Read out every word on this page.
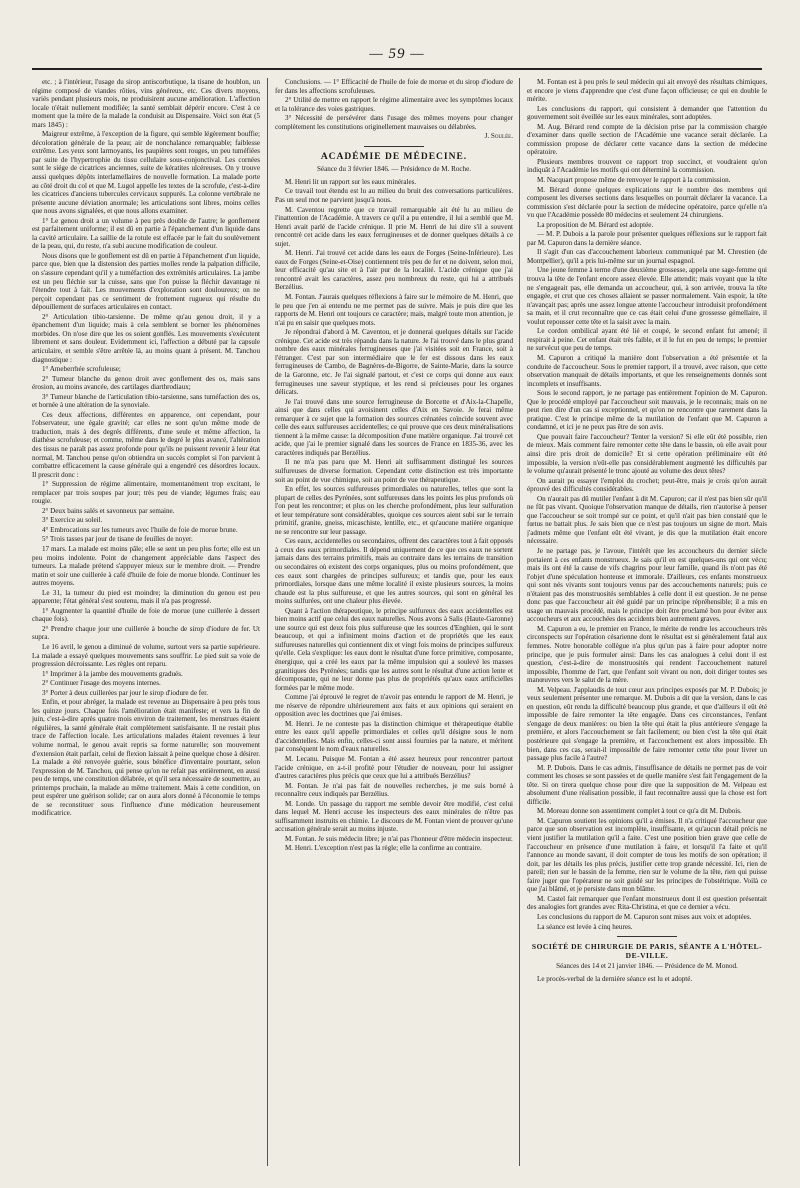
— 59 —

etc. ; à l'intérieur, l'usage du sirop antiscorbutique, la tisane de houblon, un régime composé de viandes rôties, vins généreux, etc. Ces divers moyens, variés pendant plusieurs mois, ne produisirent aucune amélioration. L'affection locale n'était nullement modifiée; la santé semblait dépérir encore. C'est à ce moment que la mère de la malade la conduisit au Dispensaire. Voici son état (5 mars 1845) :

Maigreur extrême, à l'exception de la figure, qui semble légèrement bouffie; décoloration générale de la peau; air de nonchalance remarquable; faiblesse extrême. Les yeux sont larmoyants, les paupières sont rouges, un peu tuméfiées par suite de l'hypertrophie du tissu cellulaire sous-conjonctival. Les cornées sont le siége de cicatrices anciennes, suite de kératites ulcéreuses. On y trouve aussi quelques dépôts interlamellaires de nouvelle formation. La malade porte au côté droit du col et que M. Lugol appelle les textes de la scrofule, c'est-à-dire les cicatrices d'anciens tubercules cervicaux suppurés. La colonne vertébrale ne présente aucune déviation anormale; les articulations sont libres, moins celles que nous avons signalées, et que nous allons examiner.

1° Le genou droit a un volume à peu près double de l'autre; le gonflement est parfaitement uniforme; il est dû en partie à l'épanchement d'un liquide dans la cavité articulaire. La saillie de la rotule est effacée par le fait du soulèvement de la peau, qui, du reste, n'a subi aucune modification de couleur.

Nous disons que le gonflement est dû en partie à l'épanchement d'un liquide, parce que, bien que la distension des parties molles rende la palpation difficile, on s'assure cependant qu'il y a tuméfaction des extrémités articulaires. La jambe est un peu fléchie sur la cuisse, sans que l'on puisse la fléchir davantage ni l'étendre tout à fait. Les mouvements d'exploration sont douloureux; on ne perçoit cependant pas ce sentiment de frottement rugueux qui résulte du dépouillement de surfaces articulaires en contact.

2° Articulation tibio-tarsienne. De même qu'au genou droit, il y a épanchement d'un liquide; mais à cela semblent se borner les phénomènes morbides. On n'ose dire que les os soient gonflés. Les mouvements s'exécutent librement et sans douleur. Evidemment ici, l'affection a débuté par la capsule articulaire, et semble s'être arrêtée là, au moins quant à présent. M. Tanchou diagnostique :

1° Ameberrhée scrofuleuse;

2° Tumeur blanche du genou droit avec gonflement des os, mais sans érosion, au moins avancée, des cartilages diarthrodiaux;

3° Tumeur blanche de l'articulation tibio-tarsienne, sans tuméfaction des os, et bornée à une altération de la synoviale.

Ces deux affections, différentes en apparence, ont cependant, pour l'observateur, une égale gravité; car elles ne sont qu'un même mode de traduction, mais à des degrés différents, d'une seule et même affection, la diathèse scrofuleuse; et comme, même dans le degré le plus avancé, l'altération des tissus ne paraît pas assez profonde pour qu'ils ne puissent revenir à leur état normal, M. Tanchou pense qu'on obtiendra un succès complet si l'on parvient à combattre efficacement la cause générale qui a engendré ces désordres locaux. Il prescrit donc :

1° Suppression de régime alimentaire, momentanément trop excitant, le remplacer par trois soupes par jour; très peu de viande; légumes frais; eau rougie.

2° Deux bains salés et savonneux par semaine.

3° Exercice au soleil.

4° Embrocations sur les tumeurs avec l'huile de foie de morue brune.

5° Trois tasses par jour de tisane de feuilles de noyer.

17 mars. La malade est moins pâle; elle se sent un peu plus forte; elle est un peu moins indolente. Point de changement appréciable dans l'aspect des tumeurs. La malade prétend s'appuyer mieux sur le membre droit. — Prendre matin et soir une cuillerée à café d'huile de foie de morue blonde. Continuer les autres moyens.

Le 31, la tumeur du pied est moindre; la diminution du genou est peu apparente; l'état général s'est soutenu, mais il n'a pas progressé.

1° Augmenter la quantité d'huile de foie de morue (une cuillerée à dessert chaque fois).

2° Prendre chaque jour une cuillerée à bouche de sirop d'iodure de fer. Ut supra.

Le 16 avril, le genou a diminué de volume, surtout vers sa partie supérieure. La malade a essayé quelques mouvements sans souffrir. Le pied suit sa voie de progression décroissante. Les règles ont reparu.

1° Imprimer à la jambe des mouvements gradués.

2° Continuer l'usage des moyens internes.

3° Porter à deux cuillerées par jour le sirop d'iodure de fer.

Enfin, et pour abréger, la malade est revenue au Dispensaire à peu près tous les quinze jours. Chaque fois l'amélioration était manifeste; et vers la fin de juin, c'est-à-dire après quatre mois environ de traitement, les menstrues étaient régulières, la santé générale était complètement satisfaisante. Il ne restait plus trace de l'affection locale. Les articulations malades étaient revenues à leur volume normal, le genou avait repris sa forme naturelle; son mouvement d'extension était parfait, celui de flexion laissait à peine quelque chose à désirer. La malade a été renvoyée guérie, sous bénéfice d'inventaire pourtant, selon l'expression de M. Tanchou, qui pense qu'on ne refait pas entièrement, en aussi peu de temps, une constitution délabrée, et qu'il sera nécessaire de soumettre, au printemps prochain, la malade au même traitement. Mais à cette condition, on peut espérer une guérison solide; car on aura alors donné à l'économie le temps de se reconstituer sous l'influence d'une médication heureusement modificatrice.

Conclusions. — 1° Efficacité de l'huile de foie de morue et du sirop d'iodure de fer dans les affections scrofuleuses.

2° Utilité de mettre en rapport le régime alimentaire avec les symptômes locaux et la tolérance des voies gastriques.

3° Nécessité de persévérer dans l'usage des mêmes moyens pour changer complètement les constitutions originellement mauvaises ou délabrées.

J. Soulée.

ACADÉMIE DE MÉDECINE.

Séance du 3 février 1846. — Présidence de M. Roche.

M. Henri lit un rapport sur les eaux minérales.

Ce travail tout étendu est lu au milieu du bruit des conversations particulières. Pas un seul mot ne parvient jusqu'à nous.

M. Caventou regrette que ce travail remarquable ait été lu au milieu de l'inattention de l'Académie. A travers ce qu'il a pu entendre, il lui a semblé que M. Henri avait parlé de l'acide crénique. Il prie M. Henri de lui dire s'il a souvent rencontré cet acide dans les eaux ferrugineuses et de donner quelques détails à ce sujet.

M. Henri. J'ai trouvé cet acide dans les eaux de Forges (Seine-Inférieure). Les eaux de Forges (Seine-et-Oise) contiennent très peu de fer et ne doivent, selon moi, leur efficacité qu'au site et à l'air pur de la localité. L'acide crénique que j'ai rencontré avait les caractères, assez peu nombreux du reste, qui lui a attribués Berzélius.

M. Fontan. J'aurais quelques réflexions à faire sur le mémoire de M. Henri, que le peu que j'en ai entendu ne me permet pas de suivre. Mais je puis dire que les rapports de M. Henri ont toujours ce caractère; mais, malgré toute mon attention, je n'ai pu en saisir que quelques mots.

Je répondrai d'abord à M. Caventou, et je donnerai quelques détails sur l'acide crénique. Cet acide est très répandu dans la nature. Je l'ai trouvé dans le plus grand nombre des eaux minérales ferrugineuses que j'ai visitées soit en France, soit à l'étranger. C'est par son intermédiaire que le fer est dissous dans les eaux ferrugineuses de Cambo, de Bagnères-de-Bigorre, de Sainte-Marie, dans la source de la Garonne, etc. Je l'ai signalé partout, et c'est ce corps qui donne aux eaux ferrugineuses une saveur styptique, et les rend si précieuses pour les organes délicats.

Je l'ai trouvé dans une source ferrugineuse de Borcette et d'Aix-la-Chapelle, ainsi que dans celles qui avoisinent celles d'Aix en Savoie. Je ferai même remarquer à ce sujet que la formation des sources crénatées coïncide souvent avec celle des eaux sulfureuses accidentelles; ce qui prouve que ces deux minéralisations tiennent à la même cause: la décomposition d'une matière organique. J'ai trouvé cet acide, que j'ai le premier signalé dans les sources de France en 1835-36, avec les caractères indiqués par Berzélius.

Il ne m'a pas paru que M. Henri ait suffisamment distingué les sources sulfureuses de diverse formation. Cependant cette distinction est très importante soit au point de vue chimique, soit au point de vue thérapeutique.

En effet, les sources sulfureuses primordiales ou naturelles, telles que sont la plupart de celles des Pyrénées, sont sulfureuses dans les points les plus profonds où l'on peut les rencontrer; et plus on les cherche profondément, plus leur sulfuration et leur température sont considérables, quoique ces sources aient subi sur le terrain primitif, granite, gneiss, micaschiste, lentille, etc., et qu'aucune matière organique ne se rencontre sur leur passage.

Ces eaux, accidentelles ou secondaires, offrent des caractères tout à fait opposés à ceux des eaux primordiales. Il dépend uniquement de ce que ces eaux ne sortent jamais dans des terrains primitifs, mais au contraire dans les terrains de transition ou secondaires où existent des corps organiques, plus ou moins profondément, que ces eaux sont chargées de principes sulfureux; et tandis que, pour les eaux primordiales, lorsque dans une même localité il existe plusieurs sources, la moins chaude est la plus sulfureuse, et que les autres sources, qui sont en général les moins sulfurées, ont une chaleur plus élevée.

Quant à l'action thérapeutique, le principe sulfureux des eaux accidentelles est bien moins actif que celui des eaux naturelles. Nous avons à Salis (Haute-Garonne) une source qui est deux fois plus sulfureuse que les sources d'Enghien, qui le sont beaucoup, et qui a infiniment moins d'action et de propriétés que les eaux sulfureuses naturelles qui contiennent dix et vingt fois moins de principes sulfureux qu'elle. Cela s'explique: les eaux dont le résultat d'une force primitive, composante, énergique, qui a créé les eaux par la même impulsion qui a soulevé les masses granitiques des Pyrénées; tandis que les autres sont le résultat d'une action lente et décomposante, qui ne leur donne pas plus de propriétés qu'aux eaux artificielles formées par le même mode.

Comme j'ai éprouvé le regret de n'avoir pas entendu le rapport de M. Henri, je me réserve de répondre ultérieurement aux faits et aux opinions qui seraient en opposition avec les doctrines que j'ai émises.

M. Henri. Je ne conteste pas la distinction chimique et thérapeutique établie entre les eaux qu'il appelle primordiales et celles qu'il désigne sous le nom d'accidentelles. Mais enfin, celles-ci sont aussi fournies par la nature, et méritent par conséquent le nom d'eaux naturelles.

M. Lecanu. Puisque M. Fontan a été assez heureux pour rencontrer partout l'acide crénique, en a-t-il profité pour l'étudier de nouveau, pour lui assigner d'autres caractères plus précis que ceux que lui a attribués Berzélius?

M. Fontan. Je n'ai pas fait de nouvelles recherches, je me suis borné à reconnaître ceux indiqués par Berzélius.

M. Londe. Un passage du rapport me semble devoir être modifié, c'est celui dans lequel M. Henri accuse les inspecteurs des eaux minérales de n'être pas suffisamment instruits en chimie. Le discours de M. Fontan vient de prouver qu'une accusation générale serait au moins injuste.

M. Fontan. Je suis médecin libre; je n'ai pas l'honneur d'être médecin inspecteur.

M. Henri. L'exception n'est pas la règle; elle la confirme au contraire.

M. Fontan est à peu près le seul médecin qui ait envoyé des résultats chimiques, et encore je viens d'apprendre que c'est d'une façon officieuse; ce qui en double le mérite.

Les conclusions du rapport, qui consistent à demander que l'attention du gouvernement soit éveillée sur les eaux minérales, sont adoptées.

M. Aug. Bérard rend compte de la décision prise par la commission chargée d'examiner dans quelle section de l'Académie une vacance serait déclarée. La commission propose de déclarer cette vacance dans la section de médecine opératoire.

Plusieurs membres trouvent ce rapport trop succinct, et voudraient qu'on indiquât à l'Académie les motifs qui ont déterminé la commission.

M. Nacquart propose même de renvoyer le rapport à la commission.

M. Bérard donne quelques explications sur le nombre des membres qui composent les diverses sections dans lesquelles on pourrait déclarer la vacance. La commission s'est déclarée pour la section de médecine opératoire, parce qu'elle n'a vu que l'Académie possède 80 médecins et seulement 24 chirurgiens.

La proposition de M. Bérard est adoptée.

— M. P. Dubois a la parole pour présenter quelques réflexions sur le rapport fait par M. Capuron dans la dernière séance.

Il s'agit d'un cas d'accouchement laborieux communiqué par M. Chrestien (de Montpellier), qu'il a pris lui-même sur un journal espagnol.

Une jeune femme à terme d'une deuxième grossesse, appela une sage-femme qui trouva la tête de l'enfant encore assez élevée. Elle attendit; mais voyant que la tête ne s'engageait pas, elle demanda un accoucheur, qui, à son arrivée, trouva la tête engagée, et crut que ces choses allaient se passer normalement. Vain espoir, la tête n'avançait pas; après une assez longue attente l'accoucheur introduisit profondément sa main, et il crut reconnaître que ce cas était celui d'une grossesse gémellaire, il voulut repousser cette tête et la saisit avec la main.

Le cordon ombilical ayant été lié et coupé, le second enfant fut amené; il respirait à peine. Cet enfant était très faible, et il le fut en peu de temps; le premier ne survécut que peu de temps.

M. Capuron a critiqué la manière dont l'observation a été présentée et la conduite de l'accoucheur. Sous le premier rapport, il a trouvé, avec raison, que cette observation manquait de détails importants, et que les renseignements donnés sont incomplets et insuffisants.

Sous le second rapport, je ne partage pas entièrement l'opinion de M. Capuron. Que le procédé employé par l'accoucheur soit mauvais, je le reconnais; mais on ne peut rien dire d'un cas si exceptionnel, et qu'on ne rencontre que rarement dans la pratique. C'est le principe même de la mutilation de l'enfant que M. Capuron a condamné, et ici je ne peux pas être de son avis.

Que pouvait faire l'accoucheur? Tenter la version? Si elle eût été possible, rien de mieux. Mais comment faire remonter cette tête dans le bassin, où elle avait pour ainsi dire pris droit de domicile? Et si cette opération préliminaire eût été impossible, la version n'eût-elle pas considérablement augmenté les difficultés par le volume qu'aurait présenté le tronc ajouté au volume des deux têtes?

On aurait pu essayer l'emploi du crochet; peut-être, mais je crois qu'on aurait éprouvé des difficultés considérables.

On n'aurait pas dû mutiler l'enfant à dit M. Capuron; car il n'est pas bien sûr qu'il ne fût pas vivant. Quoique l'observation manque de détails, rien n'autorise à penser que l'accoucheur se soit trompé sur ce point, et qu'il n'ait pas bien constaté que le fœtus ne battait plus. Je sais bien que ce n'est pas toujours un signe de mort. Mais j'admets même que l'enfant eût été vivant, je dis que la mutilation était encore nécessaire.

Je ne partage pas, je l'avoue, l'intérêt que les accoucheurs du dernier siècle portaient à ces enfants monstrueux. Je sais qu'il en est quelques-uns qui ont vécu; mais ils ont été la cause de vifs chagrins pour leur famille, quand ils n'ont pas été l'objet d'une spéculation honteuse et immorale. D'ailleurs, ces enfants monstrueux qui sont nés vivants sont toujours venus par des accouchements naturels; puis ce n'étaient pas des monstruosités semblables à celle dont il est question. Je ne pense donc pas que l'accoucheur ait été guidé par un principe répréhensible; il a mis en usage un mauvais procédé, mais le principe doit être proclamé bon pour éviter aux accoucheurs et aux accouchées des accidents bien autrement graves.

M. Capuron a eu, le premier en France, le mérite de rendre les accoucheurs très circonspects sur l'opération césarienne dont le résultat est si généralement fatal aux femmes. Notre honorable collègue n'a plus qu'un pas à faire pour adopter notre principe, que je puis formuler ainsi: Dans les cas analogues à celui dont il est question, c'est-à-dire de monstruosités qui rendent l'accouchement naturel impossible, l'homme de l'art, que l'enfant soit vivant ou non, doit diriger toutes ses manœuvres vers le salut de la mère.

M. Velpeau. J'applaudis de tout cœur aux principes exposés par M. P. Dubois; je veux seulement présenter une remarque. M. Dubois a dit que la version, dans le cas en question, eût rendu la difficulté beaucoup plus grande, et que d'ailleurs il eût été impossible de faire remonter la tête engagée. Dans ces circonstances, l'enfant s'engage de deux manières: ou bien la tête qui était la plus antérieure s'engage la première, et alors l'accouchement se fait facilement; ou bien c'est la tête qui était postérieure qui s'engage la première, et l'accouchement est alors impossible. Eh bien, dans ces cas, serait-il impossible de faire remonter cette tête pour livrer un passage plus facile à l'autre?

M. P. Dubois. Dans le cas admis, l'insuffisance de détails ne permet pas de voir comment les choses se sont passées et de quelle manière s'est fait l'engagement de la tête. Si on tirera quelque chose pour dire que la supposition de M. Velpeau est absolument d'une réalisation possible, il faut reconnaître aussi que la chose est fort difficile.

M. Moreau donne son assentiment complet à tout ce qu'a dit M. Dubois.

M. Capuron soutient les opinions qu'il a émises. Il n'a critiqué l'accoucheur que parce que son observation est incomplète, insuffisante, et qu'aucun détail précis ne vient justifier la mutilation qu'il a faite. C'est une position bien grave que celle de l'accoucheur en présence d'une mutilation à faire, et lorsqu'il l'a faite et qu'il l'annonce au monde savant, il doit compter de tous les motifs de son opération; il doit, par les détails les plus précis, justifier cette trop grande nécessité. Ici, rien de pareil; rien sur le bassin de la femme, rien sur le volume de la tête, rien qui puisse faire juger que l'opérateur ne soit guidé sur les principes de l'obstétrique. Voilà ce que j'ai blâmé, et je persiste dans mon blâme.

M. Castel fait remarquer que l'enfant monstrueux dont il est question présentait des analogies fort grandes avec Rita-Christina, et que ce dernier a vécu.

Les conclusions du rapport de M. Capuron sont mises aux voix et adoptées.

La séance est levée à cinq heures.

SOCIÉTÉ DE CHIRURGIE DE PARIS, SÉANTE A L'HÔTEL-DE-VILLE.

Séances des 14 et 21 janvier 1846. — Présidence de M. Monod.

Le procès-verbal de la dernière séance est lu et adopté.
